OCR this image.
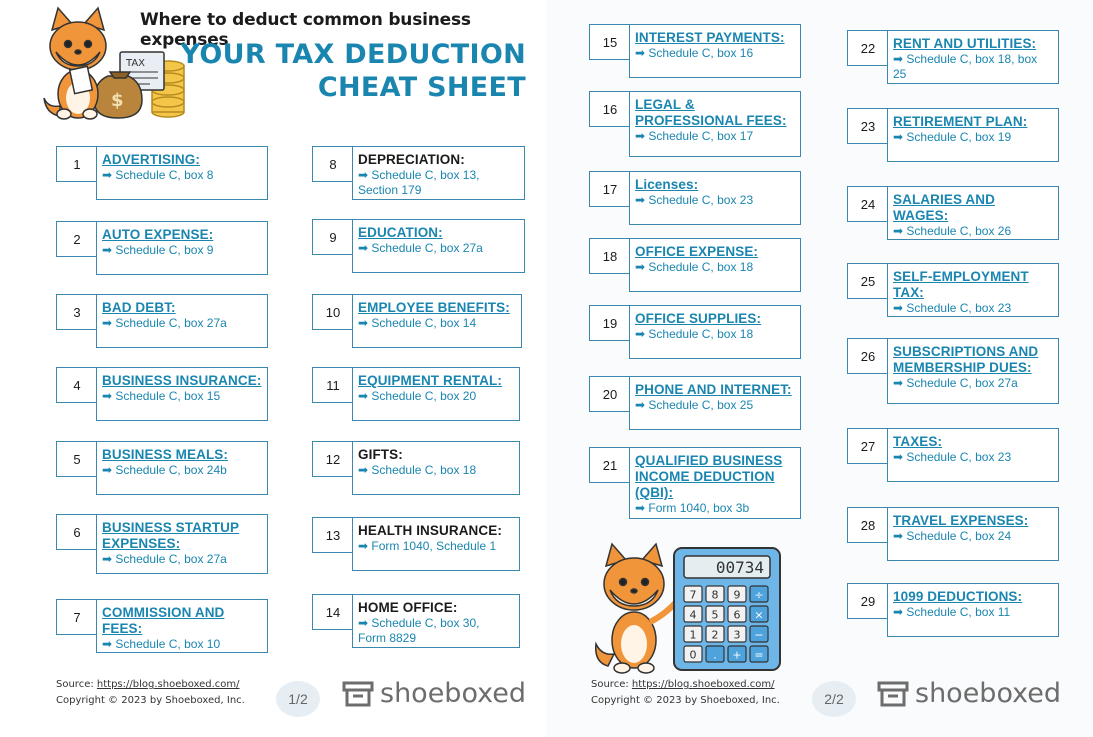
TAX
$
Where to deduct common business expenses
YOUR TAX DEDUCTION
CHEAT SHEET
1	ADVERTISING:
➡ Schedule C, box 8
2	AUTO EXPENSE:
➡ Schedule C, box 9
3	BAD DEBT:
➡ Schedule C, box 27a
4	BUSINESS INSURANCE:
➡ Schedule C, box 15
5	BUSINESS MEALS:
➡ Schedule C, box 24b
6	BUSINESS STARTUP EXPENSES:
➡ Schedule C, box 27a
7	COMMISSION AND FEES:
➡ Schedule C, box 10
8	DEPRECIATION:
➡ Schedule C, box 13,
Section 179
9	EDUCATION:
➡ Schedule C, box 27a
10	EMPLOYEE BENEFITS:
➡ Schedule C, box 14
11	EQUIPMENT RENTAL:
➡ Schedule C, box 20
12	GIFTS:
➡ Schedule C, box 18
13	HEALTH INSURANCE:
➡ Form 1040, Schedule 1
14	HOME OFFICE:
➡ Schedule C, box 30,
Form 8829
Source: https://blog.shoeboxed.com/
Copyright © 2023 by Shoeboxed, Inc.	1/2	shoeboxed
15	INTEREST PAYMENTS:
➡ Schedule C, box 16
16	LEGAL & PROFESSIONAL FEES:
➡ Schedule C, box 17
17	Licenses:
➡ Schedule C, box 23
18	OFFICE EXPENSE:
➡ Schedule C, box 18
19	OFFICE SUPPLIES:
➡ Schedule C, box 18
20	PHONE AND INTERNET:
➡ Schedule C, box 25
21	QUALIFIED BUSINESS INCOME DEDUCTION (QBI):
➡ Form 1040, box 3b
22	RENT AND UTILITIES:
➡ Schedule C, box 18, box
25
23	RETIREMENT PLAN:
➡ Schedule C, box 19
24	SALARIES AND WAGES:
➡ Schedule C, box 26
25	SELF-EMPLOYMENT TAX:
➡ Schedule C, box 23
26	SUBSCRIPTIONS AND MEMBERSHIP DUES:
➡ Schedule C, box 27a
27	TAXES:
➡ Schedule C, box 23
28	TRAVEL EXPENSES:
➡ Schedule C, box 24
29	1099 DEDUCTIONS:
➡ Schedule C, box 11
00734
7 8 9 ÷
4 5 6 ×
1 2 3 −
0 . + =
Source: https://blog.shoeboxed.com/
Copyright © 2023 by Shoeboxed, Inc.	2/2	shoeboxed
